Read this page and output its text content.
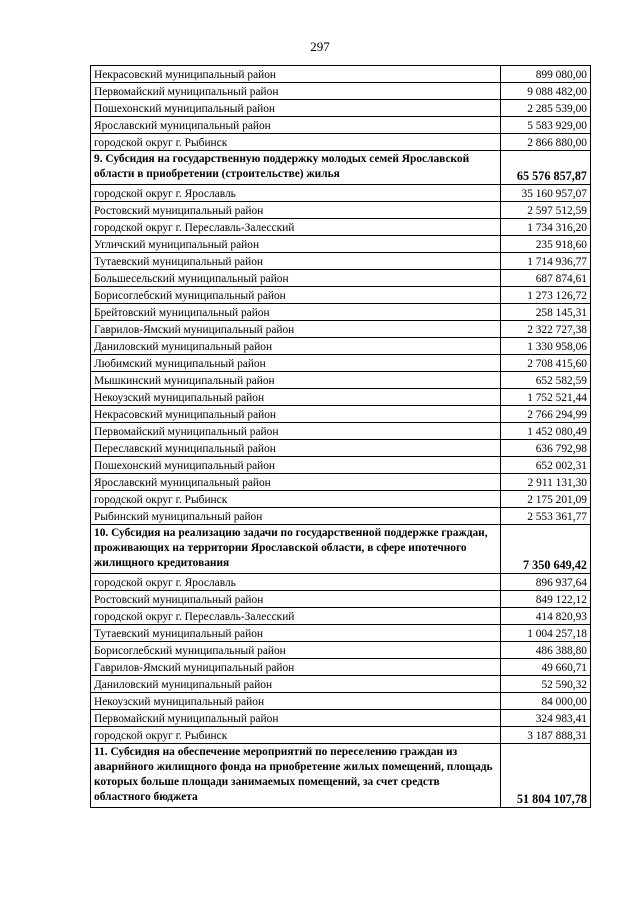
297
Некрасовский муниципальный район	899 080,00
Первомайский муниципальный район	9 088 482,00
Пошехонский муниципальный район	2 285 539,00
Ярославский муниципальный район	5 583 929,00
городской округ г. Рыбинск	2 866 880,00
9. Субсидия на государственную поддержку молодых семей Ярославской области в приобретении (строительстве) жилья	65 576 857,87
городской округ г. Ярославль	35 160 957,07
Ростовский муниципальный район	2 597 512,59
городской округ г. Переславль-Залесский	1 734 316,20
Угличский муниципальный район	235 918,60
Тутаевский муниципальный район	1 714 936,77
Большесельский муниципальный район	687 874,61
Борисоглебский муниципальный район	1 273 126,72
Брейтовский муниципальный район	258 145,31
Гаврилов-Ямский муниципальный район	2 322 727,38
Даниловский муниципальный район	1 330 958,06
Любимский муниципальный район	2 708 415,60
Мышкинский муниципальный район	652 582,59
Некоузский муниципальный район	1 752 521,44
Некрасовский муниципальный район	2 766 294,99
Первомайский муниципальный район	1 452 080,49
Переславский муниципальный район	636 792,98
Пошехонский муниципальный район	652 002,31
Ярославский муниципальный район	2 911 131,30
городской округ г. Рыбинск	2 175 201,09
Рыбинский муниципальный район	2 553 361,77
10. Субсидия на реализацию задачи по государственной поддержке граждан, проживающих на территории Ярославской области, в сфере ипотечного жилищного кредитования	7 350 649,42
городской округ г. Ярославль	896 937,64
Ростовский муниципальный район	849 122,12
городской округ г. Переславль-Залесский	414 820,93
Тутаевский муниципальный район	1 004 257,18
Борисоглебский муниципальный район	486 388,80
Гаврилов-Ямский муниципальный район	49 660,71
Даниловский муниципальный район	52 590,32
Некоузский муниципальный район	84 000,00
Первомайский муниципальный район	324 983,41
городской округ г. Рыбинск	3 187 888,31
11. Субсидия на обеспечение мероприятий по переселению граждан из аварийного жилищного фонда на приобретение жилых помещений, площадь которых больше площади занимаемых помещений, за счет средств областного бюджета	51 804 107,78
